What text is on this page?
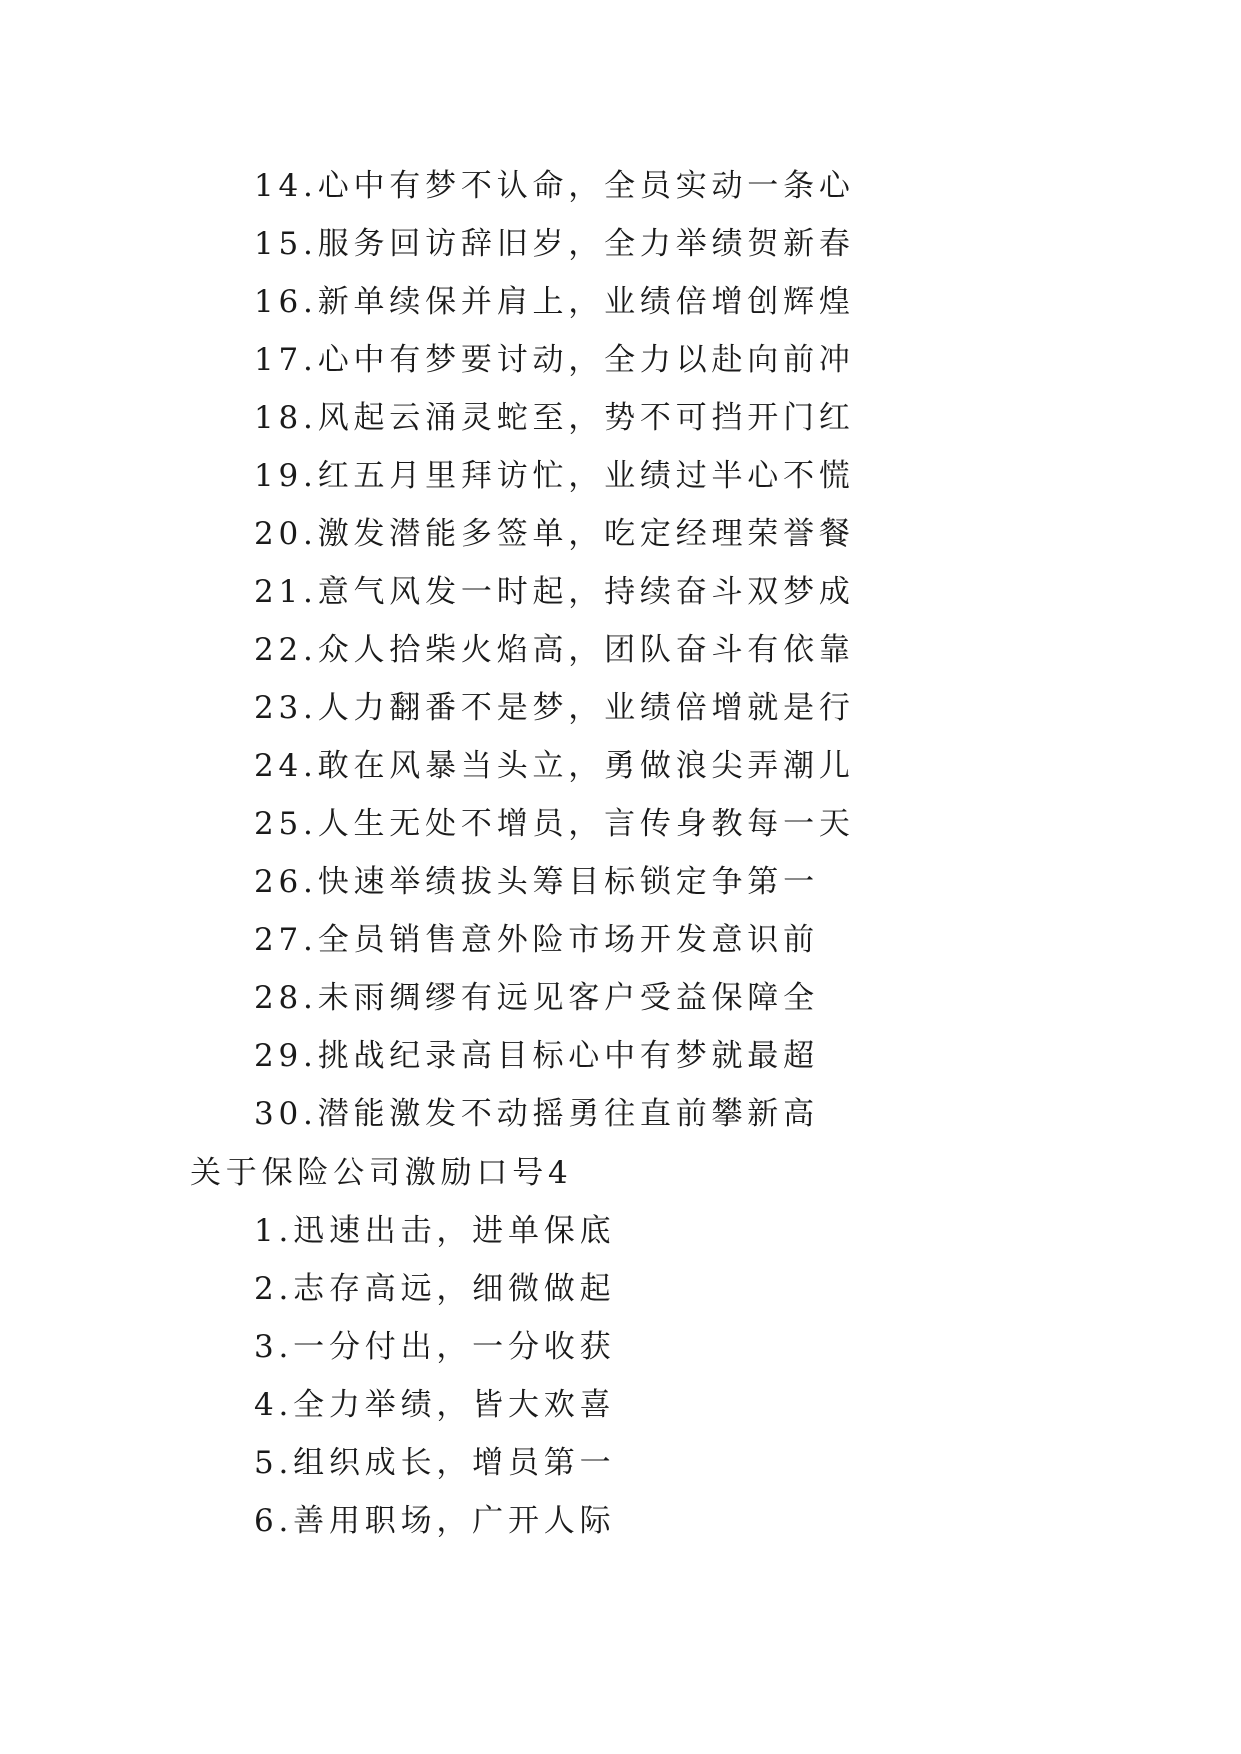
14.心中有梦不认命，全员实动一条心
15.服务回访辞旧岁，全力举绩贺新春
16.新单续保并肩上，业绩倍增创辉煌
17.心中有梦要讨动，全力以赴向前冲
18.风起云涌灵蛇至，势不可挡开门红
19.红五月里拜访忙，业绩过半心不慌
20.激发潜能多签单，吃定经理荣誉餐
21.意气风发一时起，持续奋斗双梦成
22.众人拾柴火焰高，团队奋斗有依靠
23.人力翻番不是梦，业绩倍增就是行
24.敢在风暴当头立，勇做浪尖弄潮儿
25.人生无处不增员，言传身教每一天
26.快速举绩拔头筹目标锁定争第一
27.全员销售意外险市场开发意识前
28.未雨绸缪有远见客户受益保障全
29.挑战纪录高目标心中有梦就最超
30.潜能激发不动摇勇往直前攀新高
关于保险公司激励口号4
1.迅速出击，进单保底
2.志存高远，细微做起
3.一分付出，一分收获
4.全力举绩，皆大欢喜
5.组织成长，增员第一
6.善用职场，广开人际
